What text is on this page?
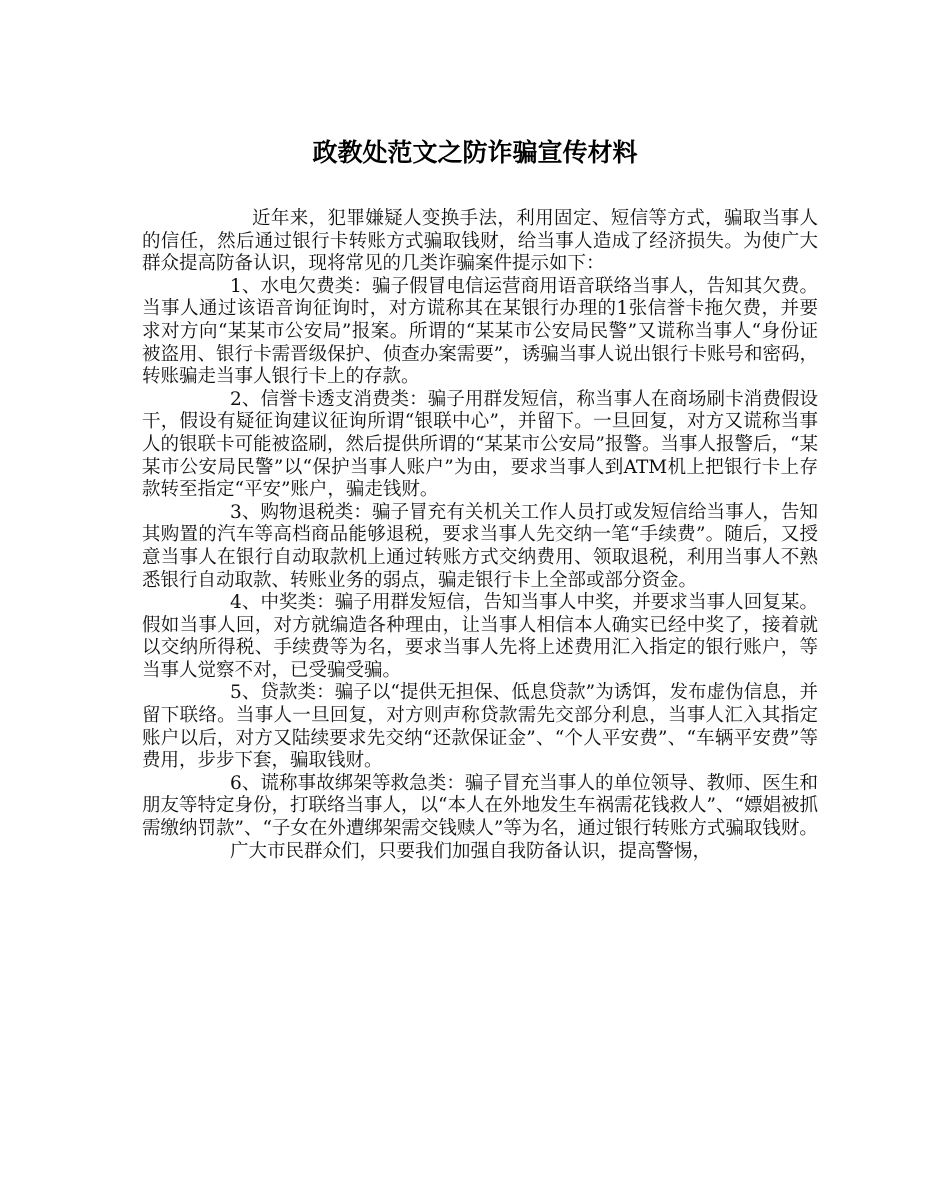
政教处范文之防诈骗宣传材料

近年来，犯罪嫌疑人变换手法，利用固定、短信等方式，骗取当事人的信任，然后通过银行卡转账方式骗取钱财，给当事人造成了经济损失。为使广大群众提高防备认识，现将常见的几类诈骗案件提示如下：

1、水电欠费类：骗子假冒电信运营商用语音联络当事人，告知其欠费。当事人通过该语音询征询时，对方谎称其在某银行办理的1张信誉卡拖欠费，并要求对方向“某某市公安局”报案。所谓的“某某市公安局民警”又谎称当事人“身份证被盗用、银行卡需晋级保护、侦查办案需要”，诱骗当事人说出银行卡账号和密码，转账骗走当事人银行卡上的存款。

2、信誉卡透支消费类：骗子用群发短信，称当事人在商场刷卡消费假设干，假设有疑征询建议征询所谓“银联中心”，并留下。一旦回复，对方又谎称当事人的银联卡可能被盗刷，然后提供所谓的“某某市公安局”报警。当事人报警后，“某某市公安局民警”以“保护当事人账户”为由，要求当事人到ATM机上把银行卡上存款转至指定“平安”账户，骗走钱财。

3、购物退税类：骗子冒充有关机关工作人员打或发短信给当事人，告知其购置的汽车等高档商品能够退税，要求当事人先交纳一笔“手续费”。随后，又授意当事人在银行自动取款机上通过转账方式交纳费用、领取退税，利用当事人不熟悉银行自动取款、转账业务的弱点，骗走银行卡上全部或部分资金。

4、中奖类：骗子用群发短信，告知当事人中奖，并要求当事人回复某。假如当事人回，对方就编造各种理由，让当事人相信本人确实已经中奖了，接着就以交纳所得税、手续费等为名，要求当事人先将上述费用汇入指定的银行账户，等当事人觉察不对，已受骗受骗。

5、贷款类：骗子以“提供无担保、低息贷款”为诱饵，发布虚伪信息，并留下联络。当事人一旦回复，对方则声称贷款需先交部分利息，当事人汇入其指定账户以后，对方又陆续要求先交纳“还款保证金”、“个人平安费”、“车辆平安费”等费用，步步下套，骗取钱财。

6、谎称事故绑架等救急类：骗子冒充当事人的单位领导、教师、医生和朋友等特定身份，打联络当事人，以“本人在外地发生车祸需花钱救人”、“嫖娼被抓需缴纳罚款”、“子女在外遭绑架需交钱赎人”等为名，通过银行转账方式骗取钱财。

广大市民群众们，只要我们加强自我防备认识，提高警惕，
